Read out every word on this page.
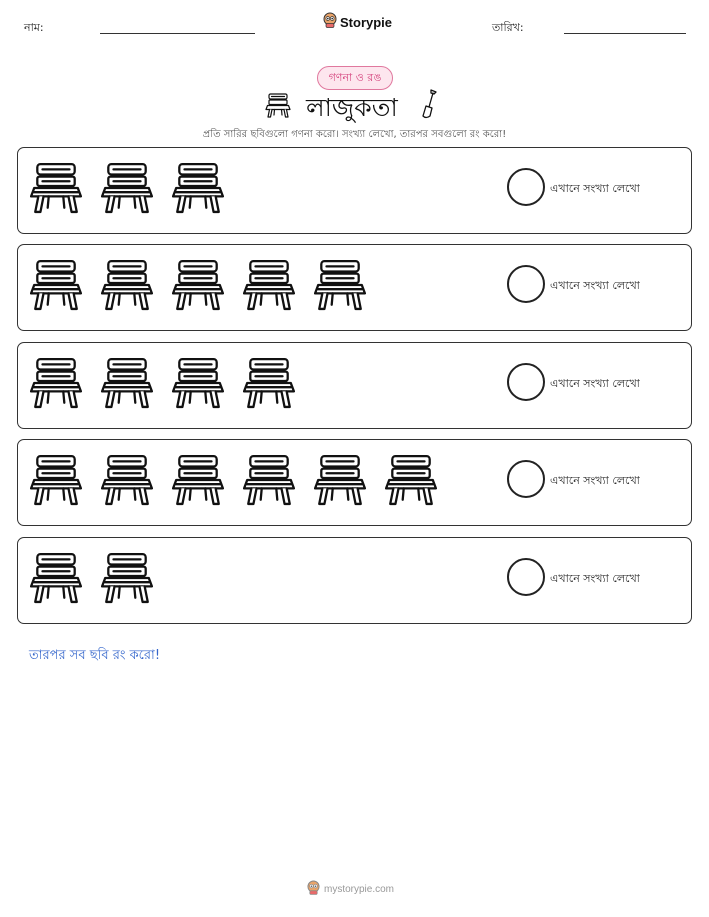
নাম:	Storypie	তারিখ:
গণনা ও রঙ
লাজুকতা
প্রতি সারির ছবিগুলো গণনা করো। সংখ্যা লেখো, তারপর সবগুলো রং করো!
এখানে সংখ্যা লেখো
এখানে সংখ্যা লেখো
এখানে সংখ্যা লেখো
এখানে সংখ্যা লেখো
এখানে সংখ্যা লেখো
তারপর সব ছবি রং করো!
mystorypie.com
